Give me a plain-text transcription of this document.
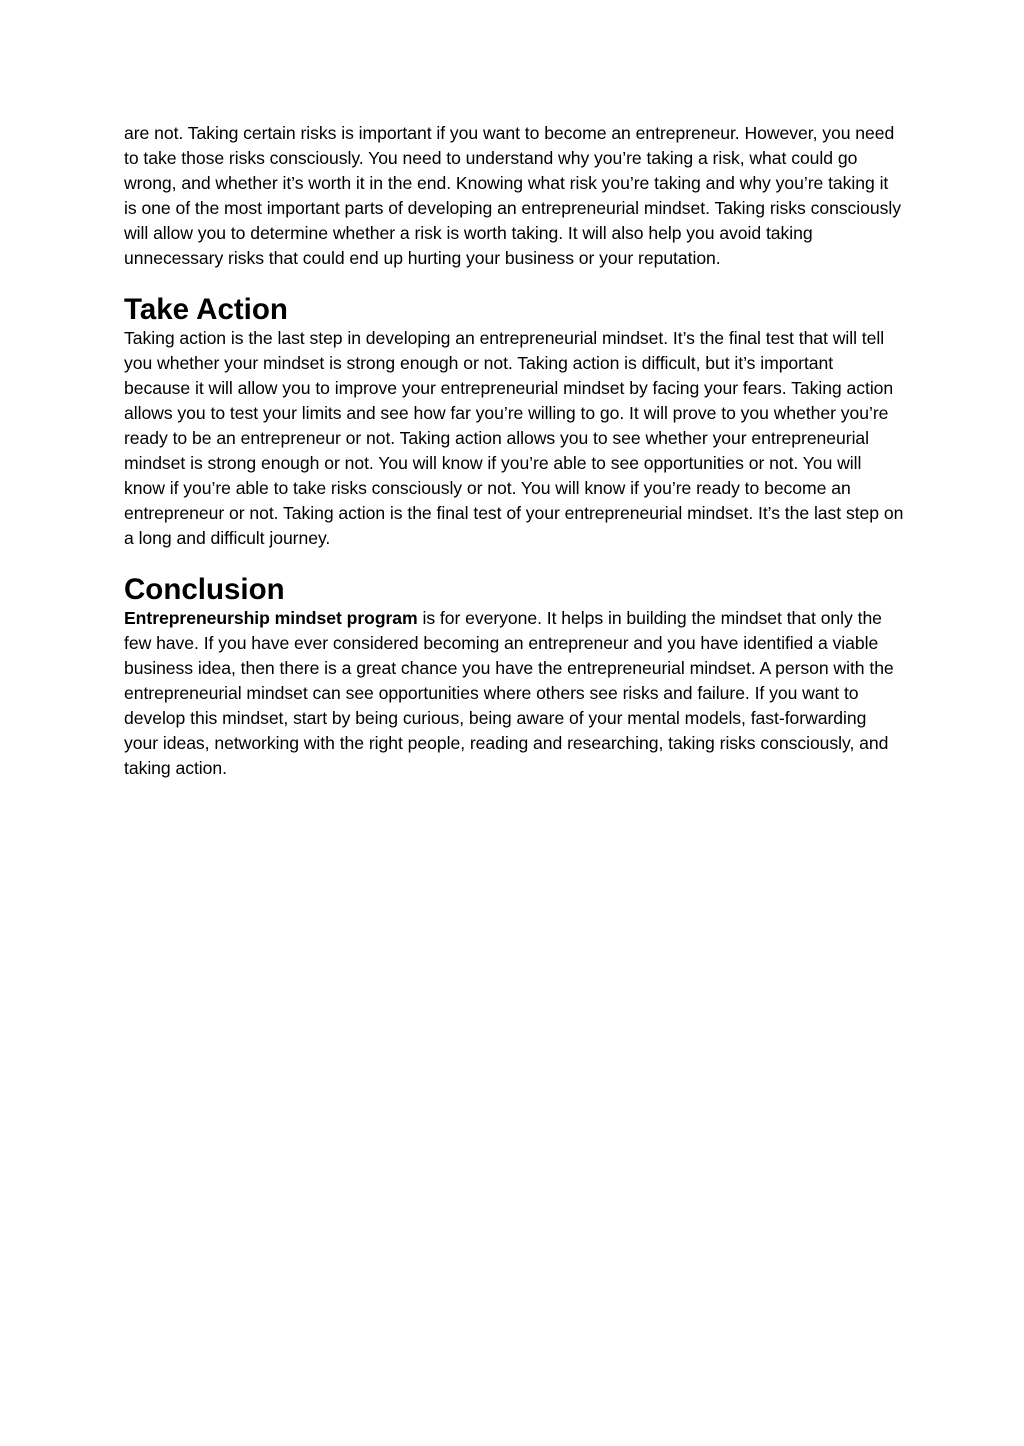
are not. Taking certain risks is important if you want to become an entrepreneur. However, you need to take those risks consciously. You need to understand why you’re taking a risk, what could go wrong, and whether it’s worth it in the end. Knowing what risk you’re taking and why you’re taking it is one of the most important parts of developing an entrepreneurial mindset. Taking risks consciously will allow you to determine whether a risk is worth taking. It will also help you avoid taking unnecessary risks that could end up hurting your business or your reputation.

Take Action

Taking action is the last step in developing an entrepreneurial mindset. It’s the final test that will tell you whether your mindset is strong enough or not. Taking action is difficult, but it’s important because it will allow you to improve your entrepreneurial mindset by facing your fears. Taking action allows you to test your limits and see how far you’re willing to go. It will prove to you whether you’re ready to be an entrepreneur or not. Taking action allows you to see whether your entrepreneurial mindset is strong enough or not. You will know if you’re able to see opportunities or not. You will know if you’re able to take risks consciously or not. You will know if you’re ready to become an entrepreneur or not. Taking action is the final test of your entrepreneurial mindset. It’s the last step on a long and difficult journey.

Conclusion

Entrepreneurship mindset program is for everyone. It helps in building the mindset that only the few have. If you have ever considered becoming an entrepreneur and you have identified a viable business idea, then there is a great chance you have the entrepreneurial mindset. A person with the entrepreneurial mindset can see opportunities where others see risks and failure. If you want to develop this mindset, start by being curious, being aware of your mental models, fast-forwarding your ideas, networking with the right people, reading and researching, taking risks consciously, and taking action.
